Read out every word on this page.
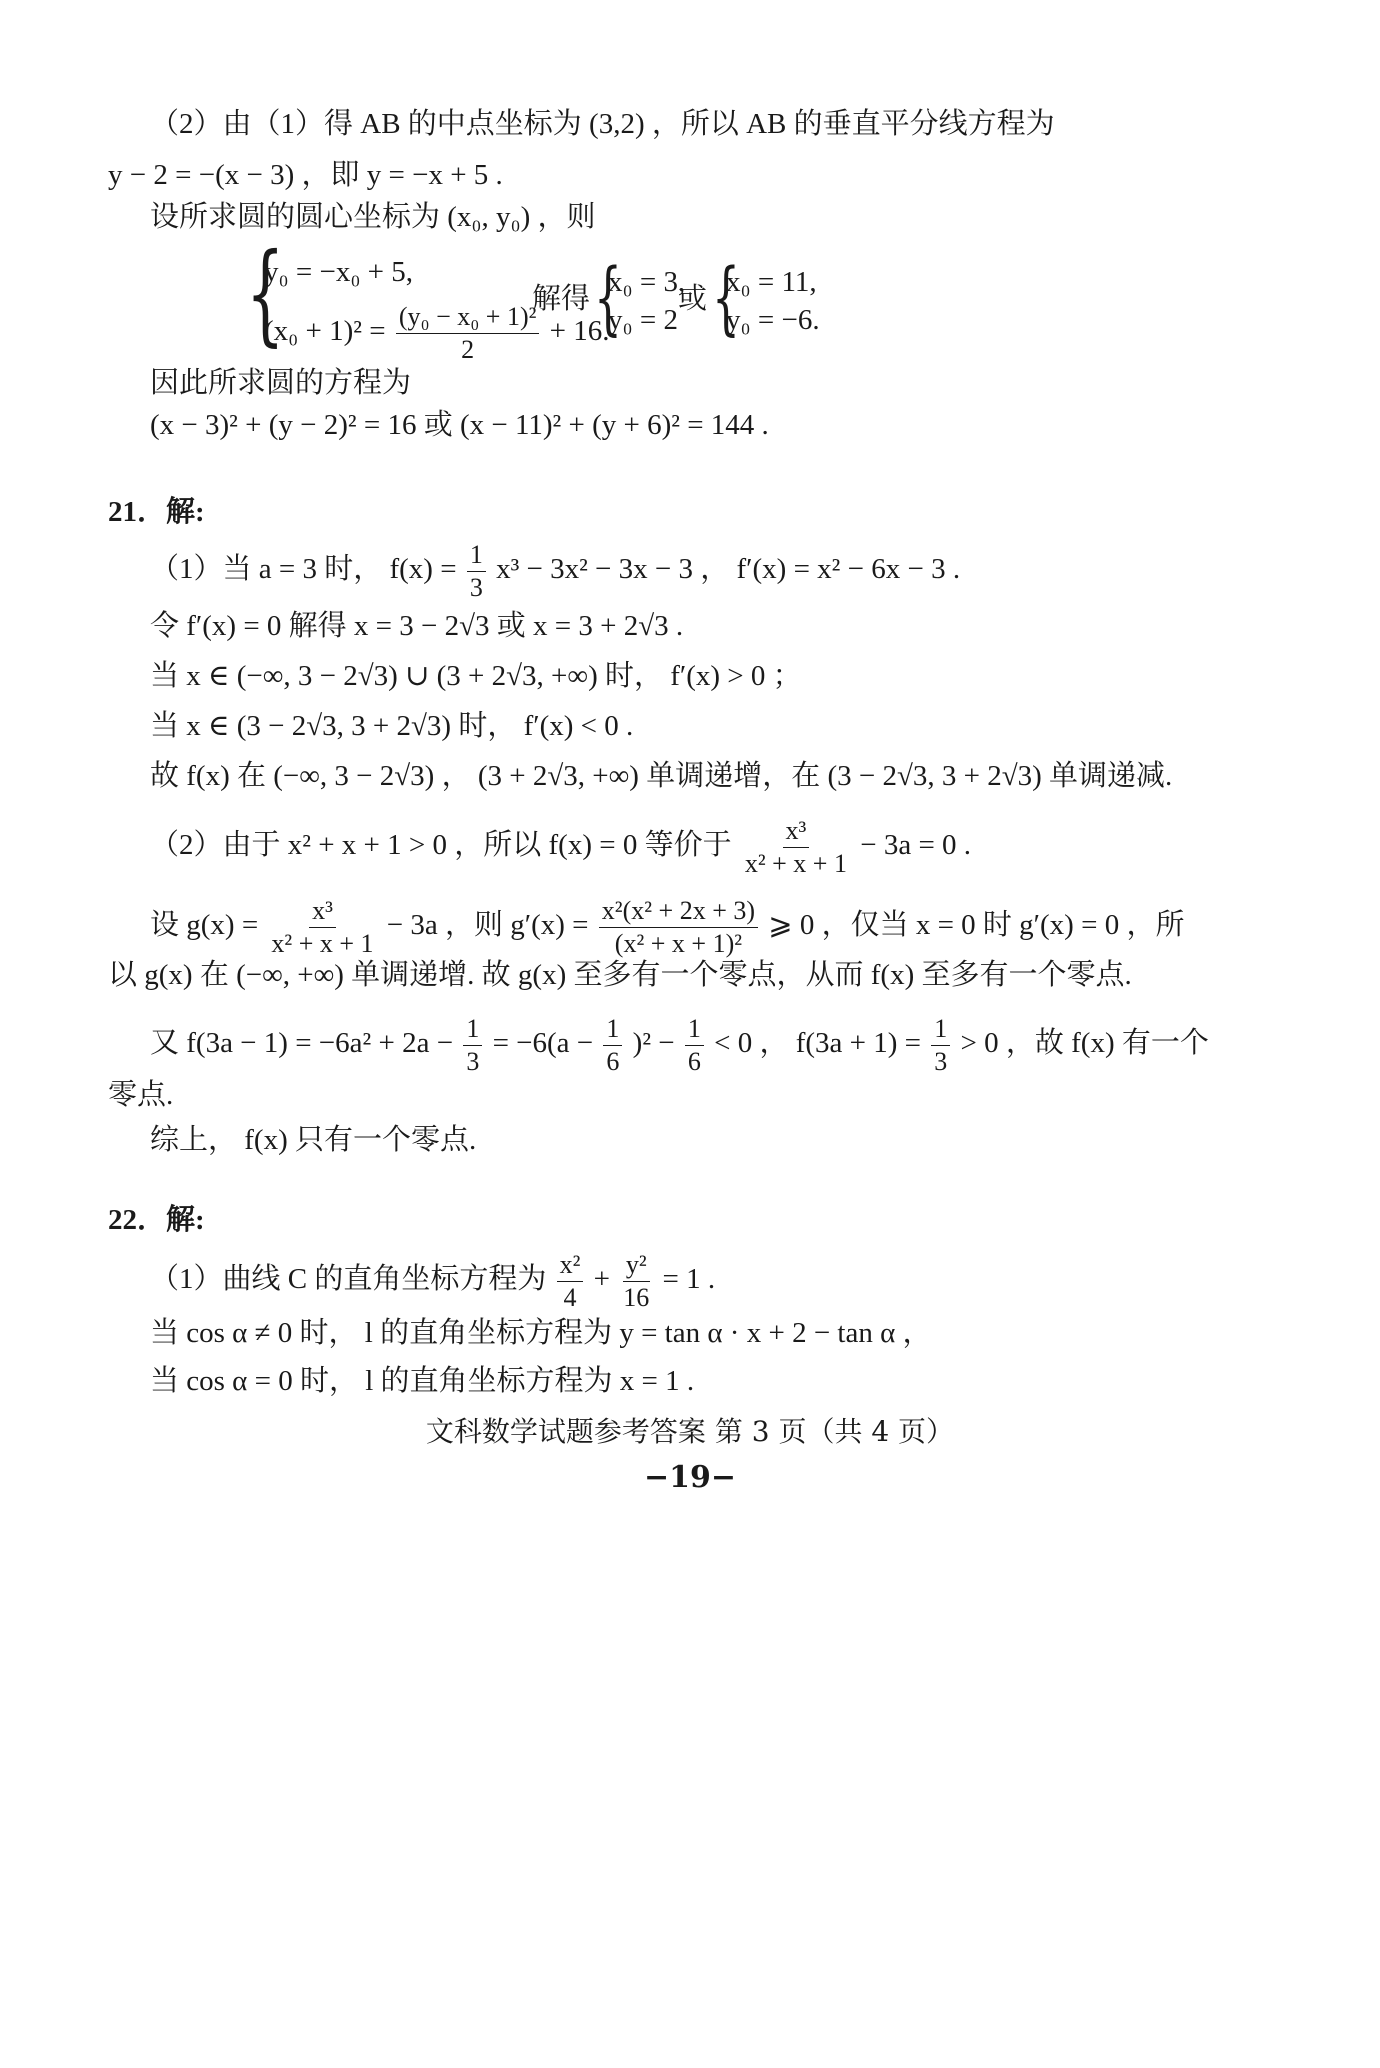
（2）由（1）得 AB 的中点坐标为 (3,2) ，所以 AB 的垂直平分线方程为
y − 2 = −(x − 3) ，即 y = −x + 5 .
设所求圆的圆心坐标为 (x₀, y₀) ，则
{
y₀ = −x₀ + 5,
$(x_0 + 1)^2 = \frac{\text{(y₀ − x₀ + 1)²}}{2} + 16$.
解得 {
x₀ = 3,
y₀ = 2
或 {
x₀ = 11,
y₀ = −6.
因此所求圆的方程为
(x − 3)² + (y − 2)² = 16 或 (x − 11)² + (y + 6)² = 144 .
21．解:
（1）当 a = 3 时， $f(x) = \frac{1}{3} x^3 - 3x^2 - 3x - 3$ ， f′(x) = x² − 6x − 3 .
令 f′(x) = 0 解得 x = 3 − 2√3 或 x = 3 + 2√3 .
当 x ∈ (−∞, 3 − 2√3) ∪ (3 + 2√3, +∞) 时， f′(x) > 0 ；
当 x ∈ (3 − 2√3, 3 + 2√3) 时， f′(x) < 0 .
故 f(x) 在 (−∞, 3 − 2√3) ， (3 + 2√3, +∞) 单调递增，在 (3 − 2√3, 3 + 2√3) 单调递减.
（2）由于 x² + x + 1 > 0 ，所以 f(x) = 0 等价于 $\frac{\text{x³}}{\text{x² + x + 1}} - 3a = 0$ .
设 $g(x) = \frac{\text{x³}}{\text{x² + x + 1}} - 3a$ ，则 $g'(x) = \frac{\text{x²(x² + 2x + 3)}}{\text{(x² + x + 1)²}}$ ⩾ 0 ，仅当 x = 0 时 g′(x) = 0 ，所
以 g(x) 在 (−∞, +∞) 单调递增. 故 g(x) 至多有一个零点，从而 f(x) 至多有一个零点.
又 $f(3a - 1) = -6a^2 + 2a - \frac{1}{3} = -6(a - \frac{1}{6} )^2 - \frac{1}{6} < 0$ ， $f(3a + 1) = \frac{1}{3} > 0$ ，故 f(x) 有一个
零点.
综上， f(x) 只有一个零点.
22．解:
（1）曲线 C 的直角坐标方程为 $\frac{\text{x²}}{4} + \frac{\text{y²}}{16} = 1$ .
当 cos α ≠ 0 时， l 的直角坐标方程为 y = tan α · x + 2 − tan α ，
当 cos α = 0 时， l 的直角坐标方程为 x = 1 .
文科数学试题参考答案 第 3 页（共 4 页）
−19−
